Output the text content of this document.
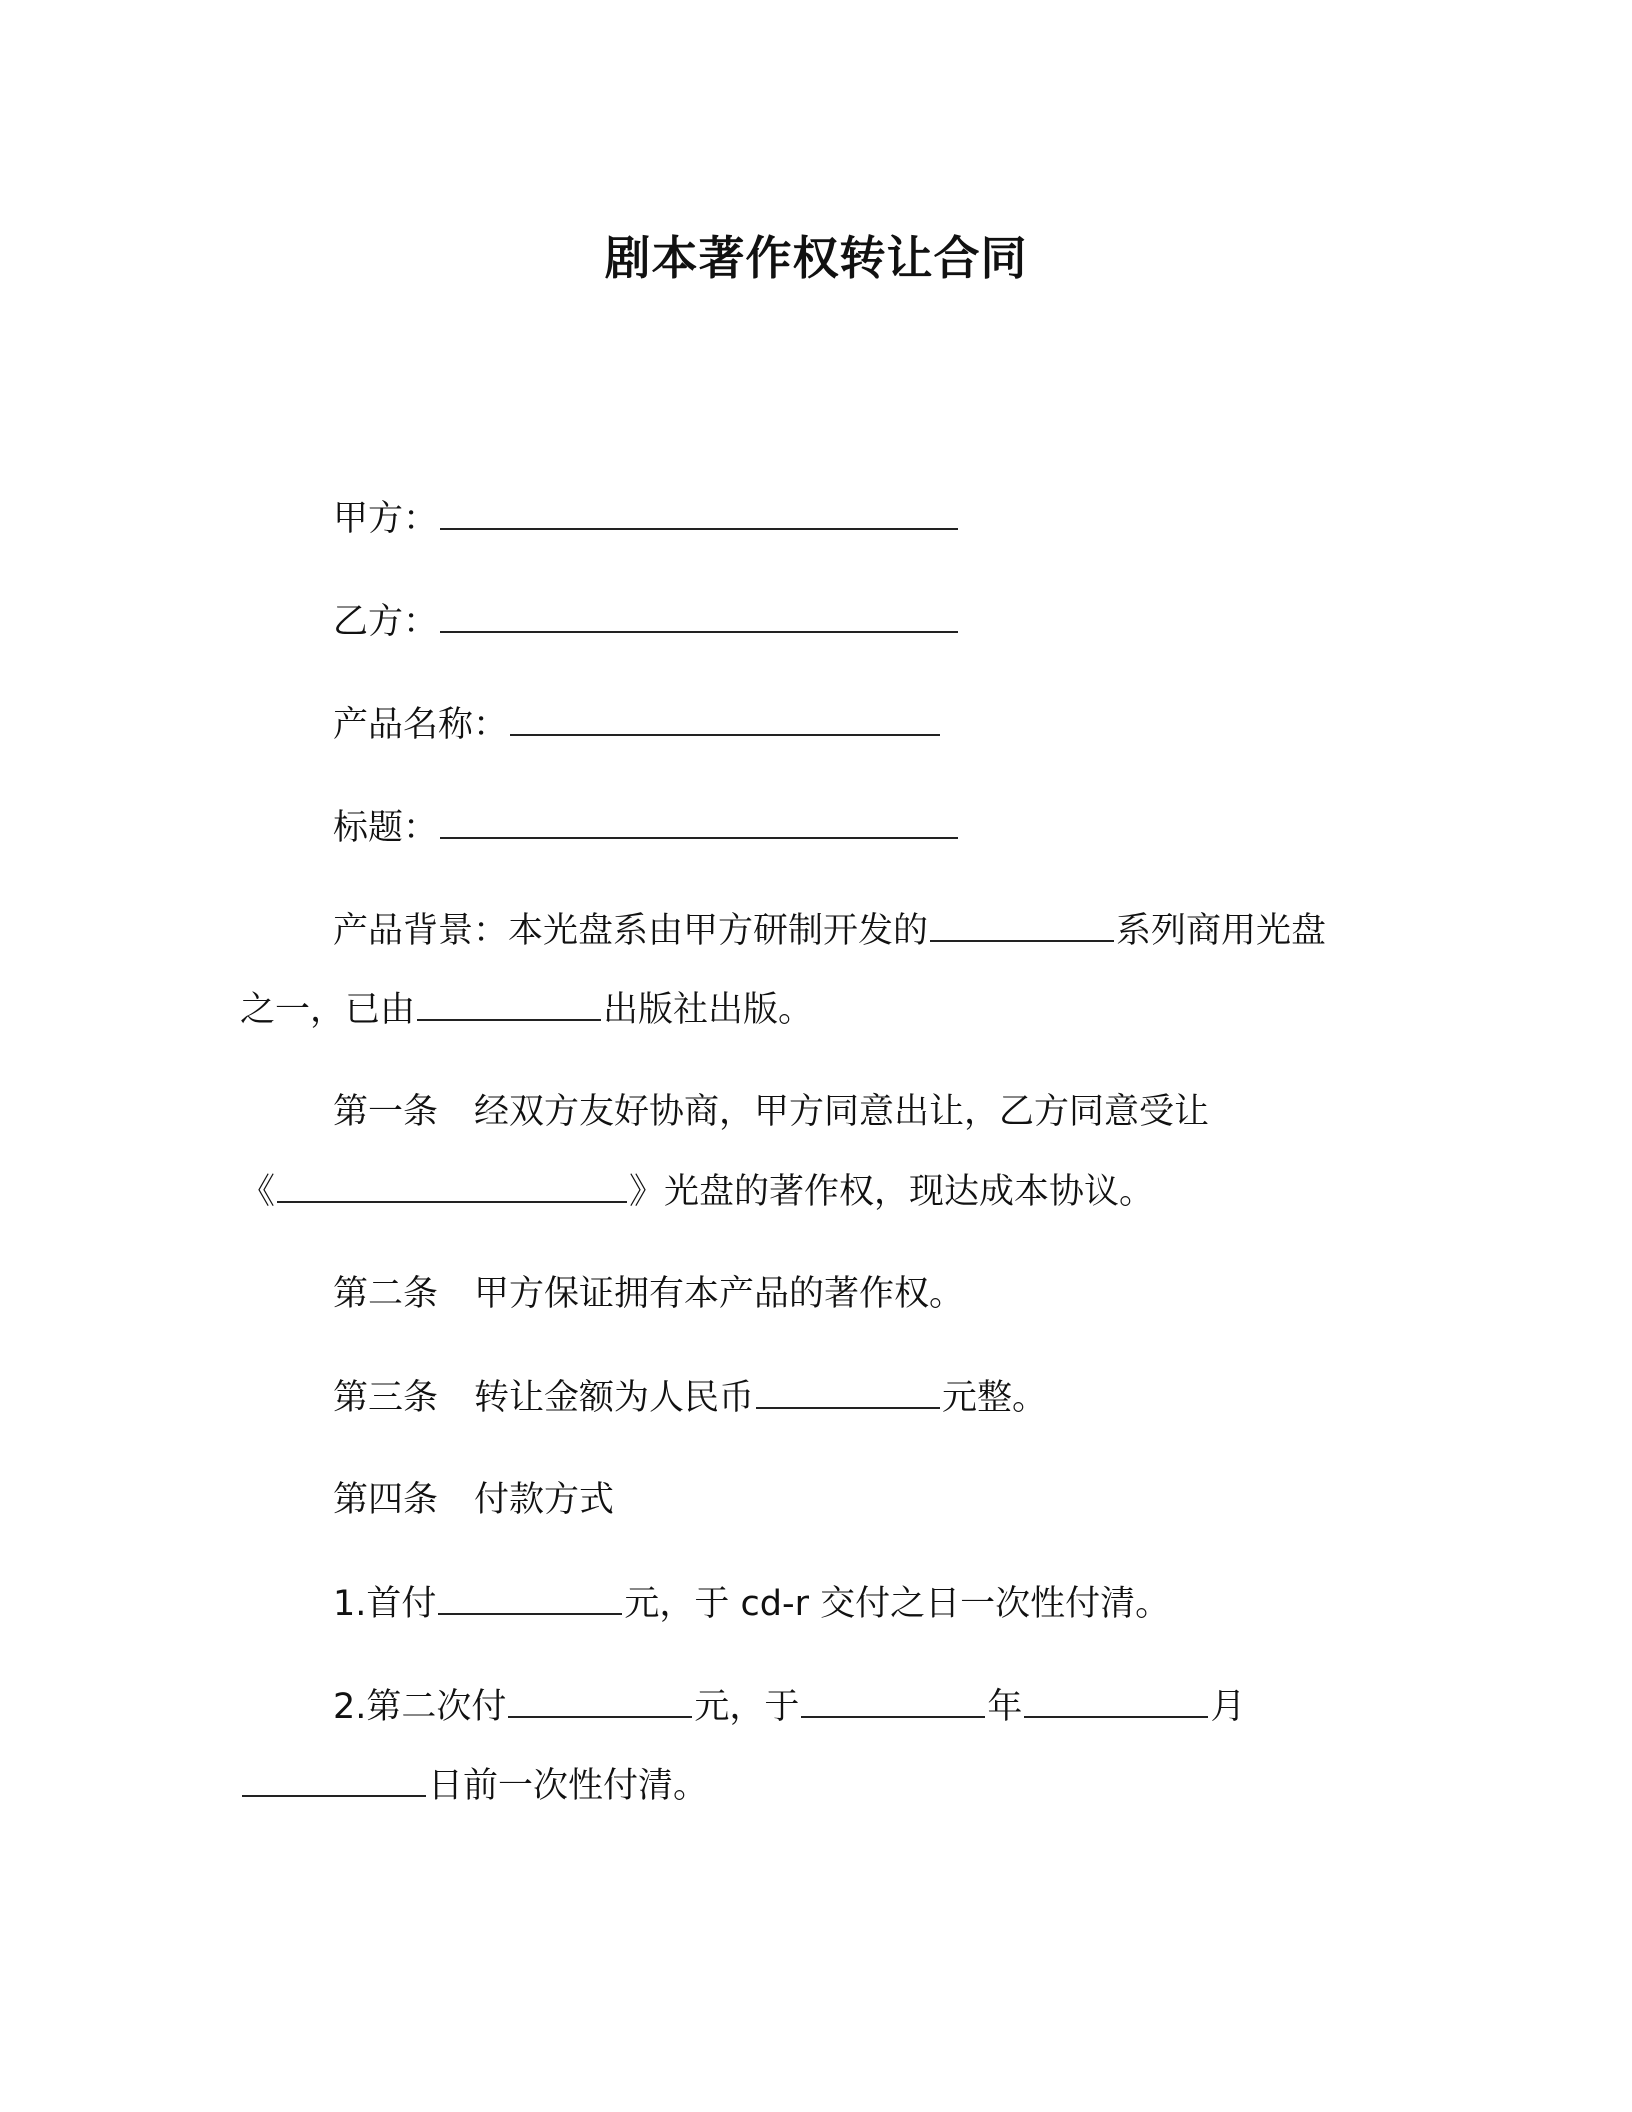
剧本著作权转让合同
甲方：
乙方：
产品名称：
标题：
产品背景：本光盘系由甲方研制开发的	系列商用光盘
之一，已由	出版社出版。
第一条 经双方友好协商，甲方同意出让，乙方同意受让
《	》光盘的著作权，现达成本协议。
第二条 甲方保证拥有本产品的著作权。
第三条 转让金额为人民币	元整。
第四条 付款方式
1.首付	元，于 cd-r 交付之日一次性付清。
2.第二次付	元，于	年	月
日前一次性付清。
